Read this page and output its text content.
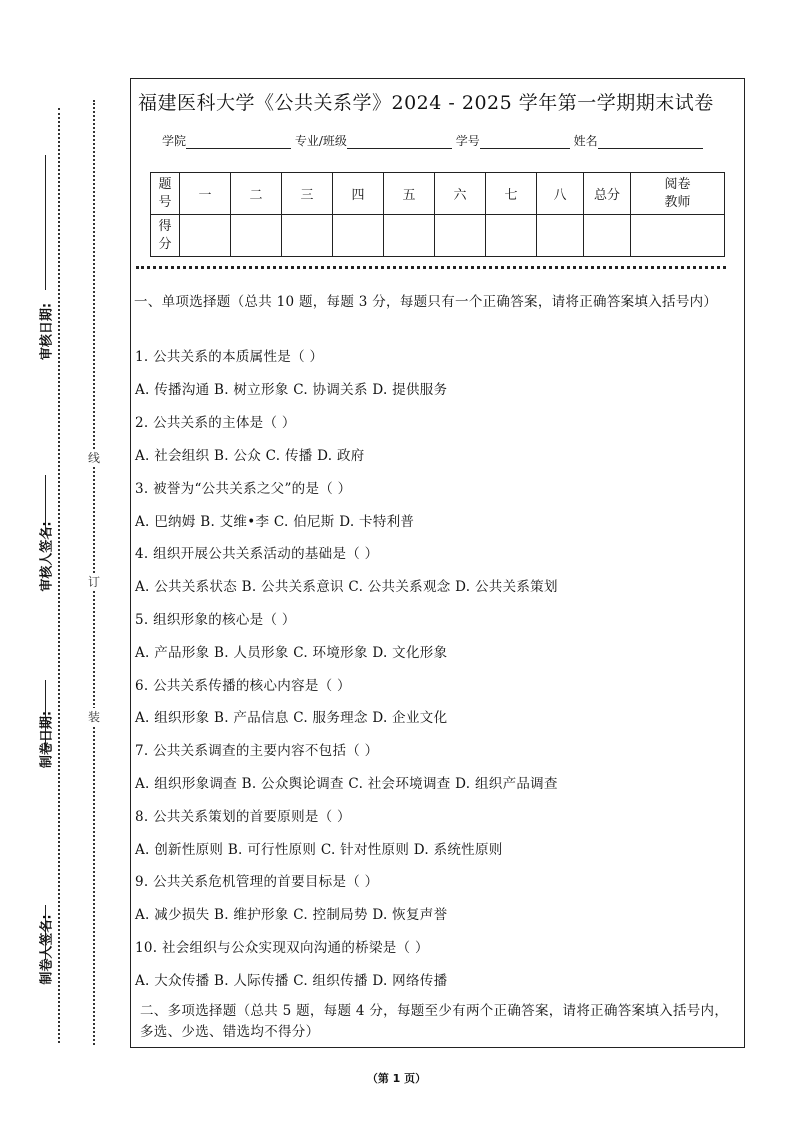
制卷人签名:
制卷日期:
审核人签名:
审核日期:
装
订
线
福建医科大学《公共关系学》2024 - 2025 学年第一学期期末试卷
学院	专业/班级	学号	姓名
题
号	一	二	三	四	五	六	七	八	总分	阅卷
教师
得
分										
一、单项选择题（总共 10 题，每题 3 分，每题只有一个正确答案，请将正确答案填入括号内）
1. 公共关系的本质属性是（ ）
A. 传播沟通 B. 树立形象 C. 协调关系 D. 提供服务
2. 公共关系的主体是（ ）
A. 社会组织 B. 公众 C. 传播 D. 政府
3. 被誉为“公共关系之父”的是（ ）
A. 巴纳姆 B. 艾维•李 C. 伯尼斯 D. 卡特利普
4. 组织开展公共关系活动的基础是（ ）
A. 公共关系状态 B. 公共关系意识 C. 公共关系观念 D. 公共关系策划
5. 组织形象的核心是（ ）
A. 产品形象 B. 人员形象 C. 环境形象 D. 文化形象
6. 公共关系传播的核心内容是（ ）
A. 组织形象 B. 产品信息 C. 服务理念 D. 企业文化
7. 公共关系调查的主要内容不包括（ ）
A. 组织形象调查 B. 公众舆论调查 C. 社会环境调查 D. 组织产品调查
8. 公共关系策划的首要原则是（ ）
A. 创新性原则 B. 可行性原则 C. 针对性原则 D. 系统性原则
9. 公共关系危机管理的首要目标是（ ）
A. 减少损失 B. 维护形象 C. 控制局势 D. 恢复声誉
10. 社会组织与公众实现双向沟通的桥梁是（ ）
A. 大众传播 B. 人际传播 C. 组织传播 D. 网络传播
二、多项选择题（总共 5 题，每题 4 分，每题至少有两个正确答案，请将正确答案填入括号内，多选、少选、错选均不得分）
（第 1 页）
